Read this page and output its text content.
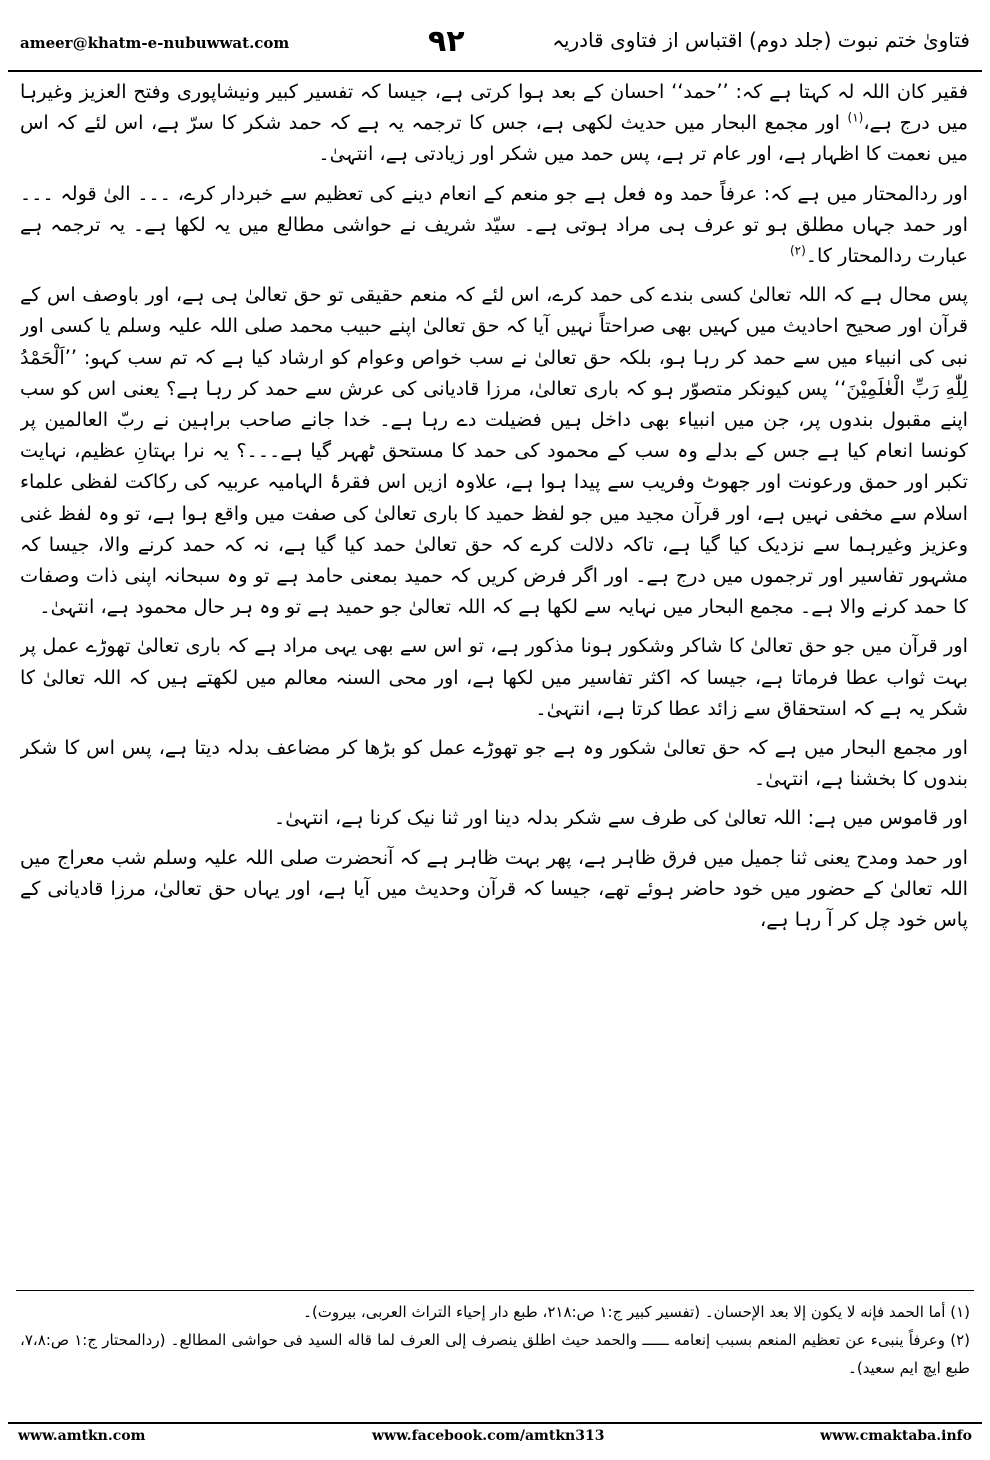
ameer@khatm-e-nubuwwat.com	۹۲	فتاویٰ ختم نبوت (جلد دوم) اقتباس از فتاوی قادریہ

فقیر کان اللہ لہ کہتا ہے کہ: ’’حمد‘‘ احسان کے بعد ہوا کرتی ہے، جیسا کہ تفسیر کبیر ونیشاپوری وفتح العزیز وغیرہا میں درج ہے،$^{(۱)}$ اور مجمع البحار میں حدیث لکھی ہے، جس کا ترجمہ یہ ہے کہ حمد شکر کا سرّ ہے، اس لئے کہ اس میں نعمت کا اظہار ہے، اور عام تر ہے، پس حمد میں شکر اور زیادتی ہے، انتہیٰ۔

اور ردالمحتار میں ہے کہ: عرفاً حمد وہ فعل ہے جو منعم کے انعام دینے کی تعظیم سے خبردار کرے، ۔۔۔ الیٰ قولہ ۔۔۔ اور حمد جہاں مطلق ہو تو عرف ہی مراد ہوتی ہے۔ سیّد شریف نے حواشی مطالع میں یہ لکھا ہے۔ یہ ترجمہ ہے عبارت ردالمحتار کا۔$^{(۲)}$

پس محال ہے کہ اللہ تعالیٰ کسی بندے کی حمد کرے، اس لئے کہ منعم حقیقی تو حق تعالیٰ ہی ہے، اور باوصف اس کے قرآن اور صحیح احادیث میں کہیں بھی صراحتاً نہیں آیا کہ حق تعالیٰ اپنے حبیب محمد صلی اللہ علیہ وسلم یا کسی اور نبی کی انبیاء میں سے حمد کر رہا ہو، بلکہ حق تعالیٰ نے سب خواص وعوام کو ارشاد کیا ہے کہ تم سب کہو: ’’اَلْحَمْدُ لِلّٰهِ رَبِّ الْعٰلَمِیْنَ‘‘ پس کیونکر متصوّر ہو کہ باری تعالیٰ، مرزا قادیانی کی عرش سے حمد کر رہا ہے؟ یعنی اس کو سب اپنے مقبول بندوں پر، جن میں انبیاء بھی داخل ہیں فضیلت دے رہا ہے۔ خدا جانے صاحب براہین نے ربّ العالمین پر کونسا انعام کیا ہے جس کے بدلے وہ سب کے محمود کی حمد کا مستحق ٹھہر گیا ہے۔۔۔؟ یہ نرا بہتانِ عظیم، نہایت تکبر اور حمق ورعونت اور جھوٹ وفریب سے پیدا ہوا ہے، علاوہ ازیں اس فقرۂ الہامیہ عربیہ کی رکاکت لفظی علماء اسلام سے مخفی نہیں ہے، اور قرآن مجید میں جو لفظ حمید کا باری تعالیٰ کی صفت میں واقع ہوا ہے، تو وہ لفظ غنی وعزیز وغیرہما سے نزدیک کیا گیا ہے، تاکہ دلالت کرے کہ حق تعالیٰ حمد کیا گیا ہے، نہ کہ حمد کرنے والا، جیسا کہ مشہور تفاسیر اور ترجموں میں درج ہے۔ اور اگر فرض کریں کہ حمید بمعنی حامد ہے تو وہ سبحانہ اپنی ذات وصفات کا حمد کرنے والا ہے۔ مجمع البحار میں نہایہ سے لکھا ہے کہ اللہ تعالیٰ جو حمید ہے تو وہ ہر حال محمود ہے، انتہیٰ۔

اور قرآن میں جو حق تعالیٰ کا شاکر وشکور ہونا مذکور ہے، تو اس سے بھی یہی مراد ہے کہ باری تعالیٰ تھوڑے عمل پر بہت ثواب عطا فرماتا ہے، جیسا کہ اکثر تفاسیر میں لکھا ہے، اور محی السنہ معالم میں لکھتے ہیں کہ اللہ تعالیٰ کا شکر یہ ہے کہ استحقاق سے زائد عطا کرتا ہے، انتہیٰ۔

اور مجمع البحار میں ہے کہ حق تعالیٰ شکور وہ ہے جو تھوڑے عمل کو بڑھا کر مضاعف بدلہ دیتا ہے، پس اس کا شکر بندوں کا بخشنا ہے، انتہیٰ۔

اور قاموس میں ہے: اللہ تعالیٰ کی طرف سے شکر بدلہ دینا اور ثنا نیک کرنا ہے، انتہیٰ۔

اور حمد ومدح یعنی ثنا جمیل میں فرق ظاہر ہے، پھر بہت ظاہر ہے کہ آنحضرت صلی اللہ علیہ وسلم شب معراج میں اللہ تعالیٰ کے حضور میں خود حاضر ہوئے تھے، جیسا کہ قرآن وحدیث میں آیا ہے، اور یہاں حق تعالیٰ، مرزا قادیانی کے پاس خود چل کر آ رہا ہے،

(۱) أما الحمد فإنه لا یکون إلا بعد الإحسان۔ (تفسیر کبیر ج:۱ ص:۲۱۸، طبع دار إحیاء التراث العربی، بیروت)۔

(۲) وعرفاً ینبیء عن تعظیم المنعم بسبب إنعامه ــــــ والحمد حیث اطلق ینصرف إلی العرف لما قاله السید فی حواشی المطالع۔ (ردالمحتار ج:۱ ص:۷،۸، طبع ایچ ایم سعید)۔

www.amtkn.com	www.facebook.com/amtkn313	www.cmaktaba.info
